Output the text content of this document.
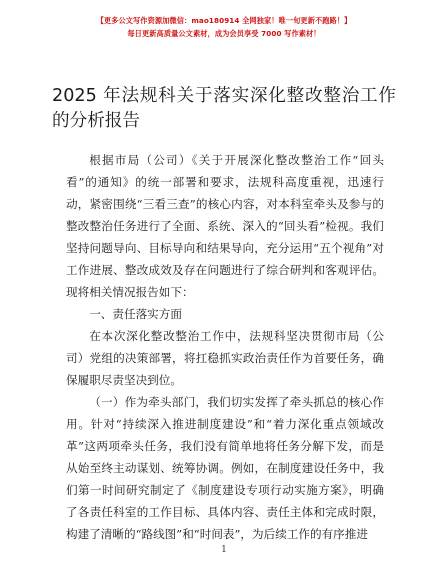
【更多公文写作资源加微信：mao180914 全网独家！唯一旬更新不跑路！】
每日更新高质量公文素材，成为会员享受 7000 写作素材！
2025 年法规科关于落实深化整改整治工作的分析报告

根据市局（公司）《关于开展深化整改整治工作“回头看”的通知》的统一部署和要求，法规科高度重视，迅速行动，紧密围绕“三看三查”的核心内容，对本科室牵头及参与的整改整治任务进行了全面、系统、深入的“回头看”检视。我们坚持问题导向、目标导向和结果导向，充分运用“五个视角”对工作进展、整改成效及存在问题进行了综合研判和客观评估。现将相关情况报告如下：

一、责任落实方面

在本次深化整改整治工作中，法规科坚决贯彻市局（公司）党组的决策部署，将扛稳抓实政治责任作为首要任务，确保履职尽责坚决到位。

（一）作为牵头部门，我们切实发挥了牵头抓总的核心作用。针对“持续深入推进制度建设”和“着力深化重点领域改革”这两项牵头任务，我们没有简单地将任务分解下发，而是从始至终主动谋划、统筹协调。例如，在制度建设任务中，我们第一时间研究制定了《制度建设专项行动实施方案》，明确了各责任科室的工作目标、具体内容、责任主体和完成时限，构建了清晰的“路线图”和“时间表”，为后续工作的有序推进

1
